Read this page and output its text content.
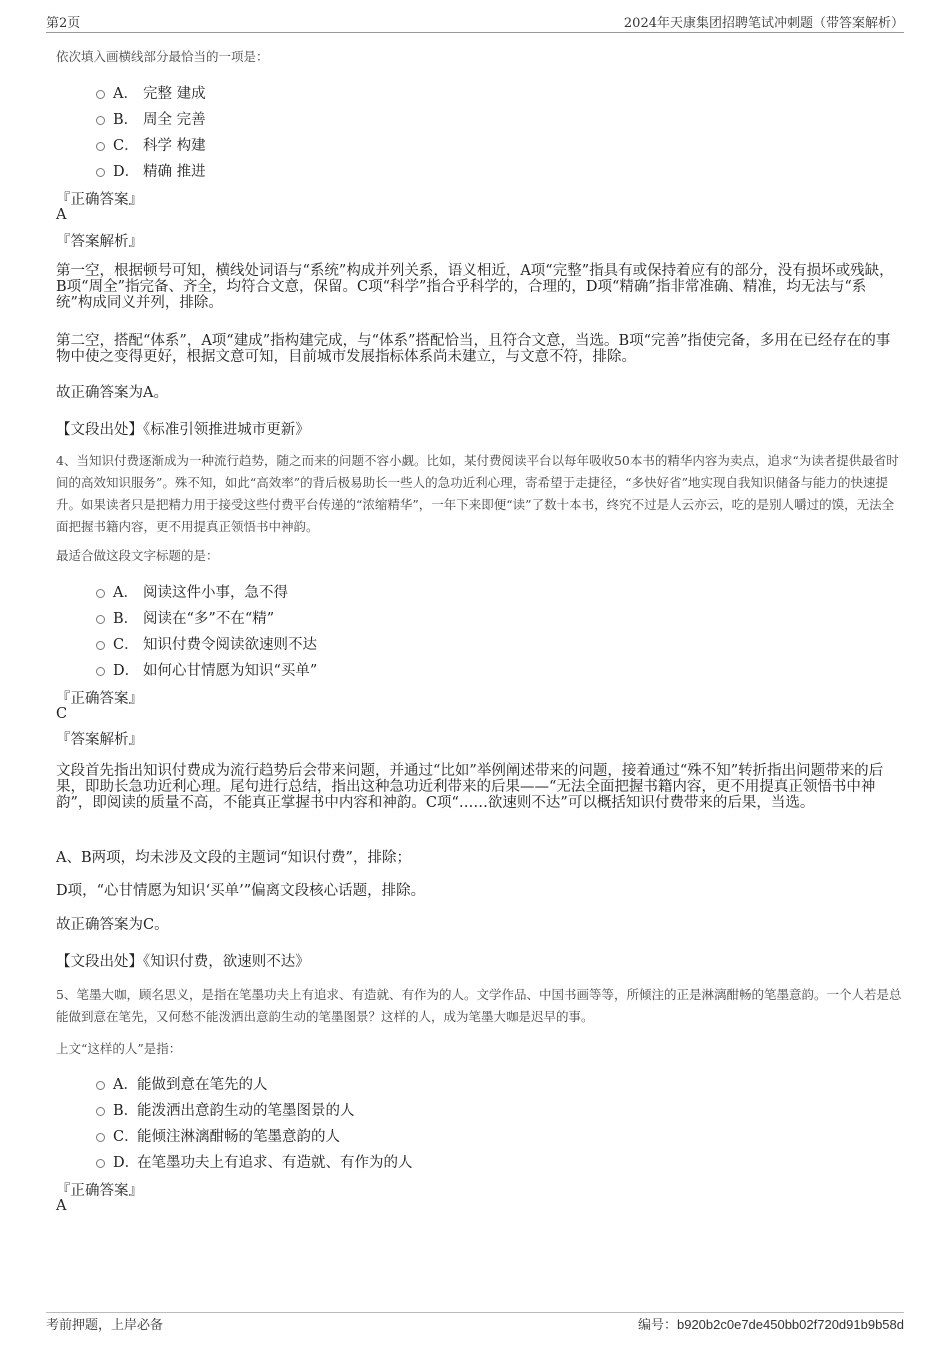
第2页	2024年天康集团招聘笔试冲刺题（带答案解析）
依次填入画横线部分最恰当的一项是：
A． 完整 建成
B． 周全 完善
C． 科学 构建
D． 精确 推进
『正确答案』
A
『答案解析』

第一空，根据顿号可知，横线处词语与“系统”构成并列关系，语义相近，A项“完整”指具有或保持着应有的部分，没有损坏或残缺，B项“周全”指完备、齐全，均符合文意，保留。C项“科学”指合乎科学的，合理的，D项“精确”指非常准确、精准，均无法与“系统”构成同义并列，排除。

第二空，搭配“体系”，A项“建成”指构建完成，与“体系”搭配恰当，且符合文意，当选。B项“完善”指使完备，多用在已经存在的事物中使之变得更好，根据文意可知，目前城市发展指标体系尚未建立，与文意不符，排除。

故正确答案为A。

【文段出处】《标准引领推进城市更新》
4、当知识付费逐渐成为一种流行趋势，随之而来的问题不容小觑。比如，某付费阅读平台以每年吸收50本书的精华内容为卖点，追求“为读者提供最省时间的高效知识服务”。殊不知，如此“高效率”的背后极易助长一些人的急功近利心理，寄希望于走捷径，“多快好省”地实现自我知识储备与能力的快速提升。如果读者只是把精力用于接受这些付费平台传递的“浓缩精华”，一年下来即便“读”了数十本书，终究不过是人云亦云，吃的是别人嚼过的馍，无法全面把握书籍内容，更不用提真正领悟书中神韵。
最适合做这段文字标题的是：
A． 阅读这件小事，急不得
B． 阅读在“多”不在“精”
C． 知识付费令阅读欲速则不达
D． 如何心甘情愿为知识“买单”
『正确答案』
C
『答案解析』

文段首先指出知识付费成为流行趋势后会带来问题，并通过“比如”举例阐述带来的问题，接着通过“殊不知”转折指出问题带来的后果，即助长急功近利心理。尾句进行总结，指出这种急功近利带来的后果——“无法全面把握书籍内容，更不用提真正领悟书中神韵”，即阅读的质量不高，不能真正掌握书中内容和神韵。C项“……欲速则不达”可以概括知识付费带来的后果，当选。

A、B两项，均未涉及文段的主题词“知识付费”，排除；

D项，“心甘情愿为知识‘买单’”偏离文段核心话题，排除。

故正确答案为C。

【文段出处】《知识付费，欲速则不达》
5、笔墨大咖，顾名思义，是指在笔墨功夫上有追求、有造就、有作为的人。文学作品、中国书画等等，所倾注的正是淋漓酣畅的笔墨意韵。一个人若是总能做到意在笔先，又何愁不能泼洒出意韵生动的笔墨图景？这样的人，成为笔墨大咖是迟早的事。
上文“这样的人”是指：
A． 能做到意在笔先的人
B．
能泼洒出意韵生动的笔墨图景的人
C．
能倾注淋漓酣畅的笔墨意韵的人
D．
在笔墨功夫上有追求、有造就、有作为的人
『正确答案』
A
考前押题，上岸必备	编号：b920b2c0e7de450bb02f720d91b9b58d
